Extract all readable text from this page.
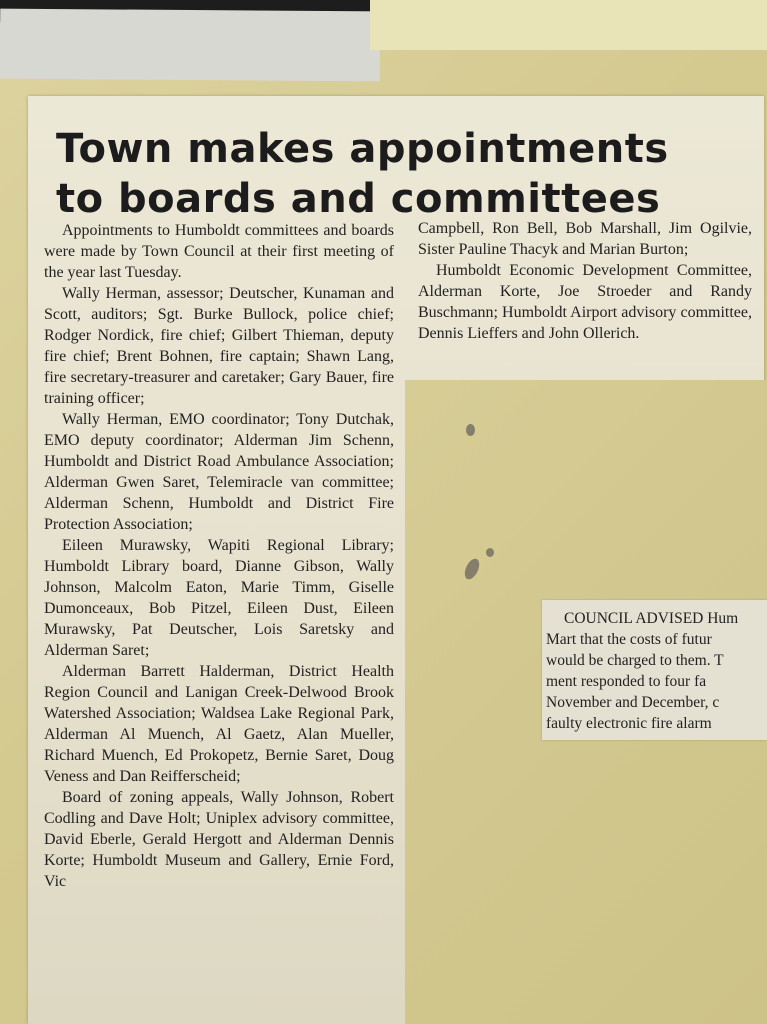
Town makes appointments
to boards and committees

Appointments to Humboldt committees and boards were made by Town Council at their first meeting of the year last Tuesday.

Wally Herman, assessor; Deutscher, Kunaman and Scott, auditors; Sgt. Burke Bullock, police chief; Rodger Nordick, fire chief; Gilbert Thieman, deputy fire chief; Brent Bohnen, fire captain; Shawn Lang, fire secretary-treasurer and caretaker; Gary Bauer, fire training officer;

Wally Herman, EMO coordinator; Tony Dutchak, EMO deputy coordinator; Alderman Jim Schenn, Humboldt and District Road Ambulance Association; Alderman Gwen Saret, Telemiracle van committee; Alderman Schenn, Humboldt and District Fire Protection Association;

Eileen Murawsky, Wapiti Regional Library; Humboldt Library board, Dianne Gibson, Wally Johnson, Malcolm Eaton, Marie Timm, Giselle Dumonceaux, Bob Pitzel, Eileen Dust, Eileen Murawsky, Pat Deutscher, Lois Saretsky and Alderman Saret;

Alderman Barrett Halderman, District Health Region Council and Lanigan Creek-Delwood Brook Watershed Association; Waldsea Lake Regional Park, Alderman Al Muench, Al Gaetz, Alan Mueller, Richard Muench, Ed Prokopetz, Bernie Saret, Doug Veness and Dan Reifferscheid;

Board of zoning appeals, Wally Johnson, Robert Codling and Dave Holt; Uniplex advisory committee, David Eberle, Gerald Hergott and Alderman Dennis Korte; Humboldt Museum and Gallery, Ernie Ford, Vic

Campbell, Ron Bell, Bob Marshall, Jim Ogilvie, Sister Pauline Thacyk and Marian Burton;

Humboldt Economic Development Committee, Alderman Korte, Joe Stroeder and Randy Buschmann; Humboldt Airport advisory committee, Dennis Lieffers and John Ollerich.

COUNCIL ADVISED Hum
Mart that the costs of futur
would be charged to them. T
ment responded to four fa
November and December, c
faulty electronic fire alarm
